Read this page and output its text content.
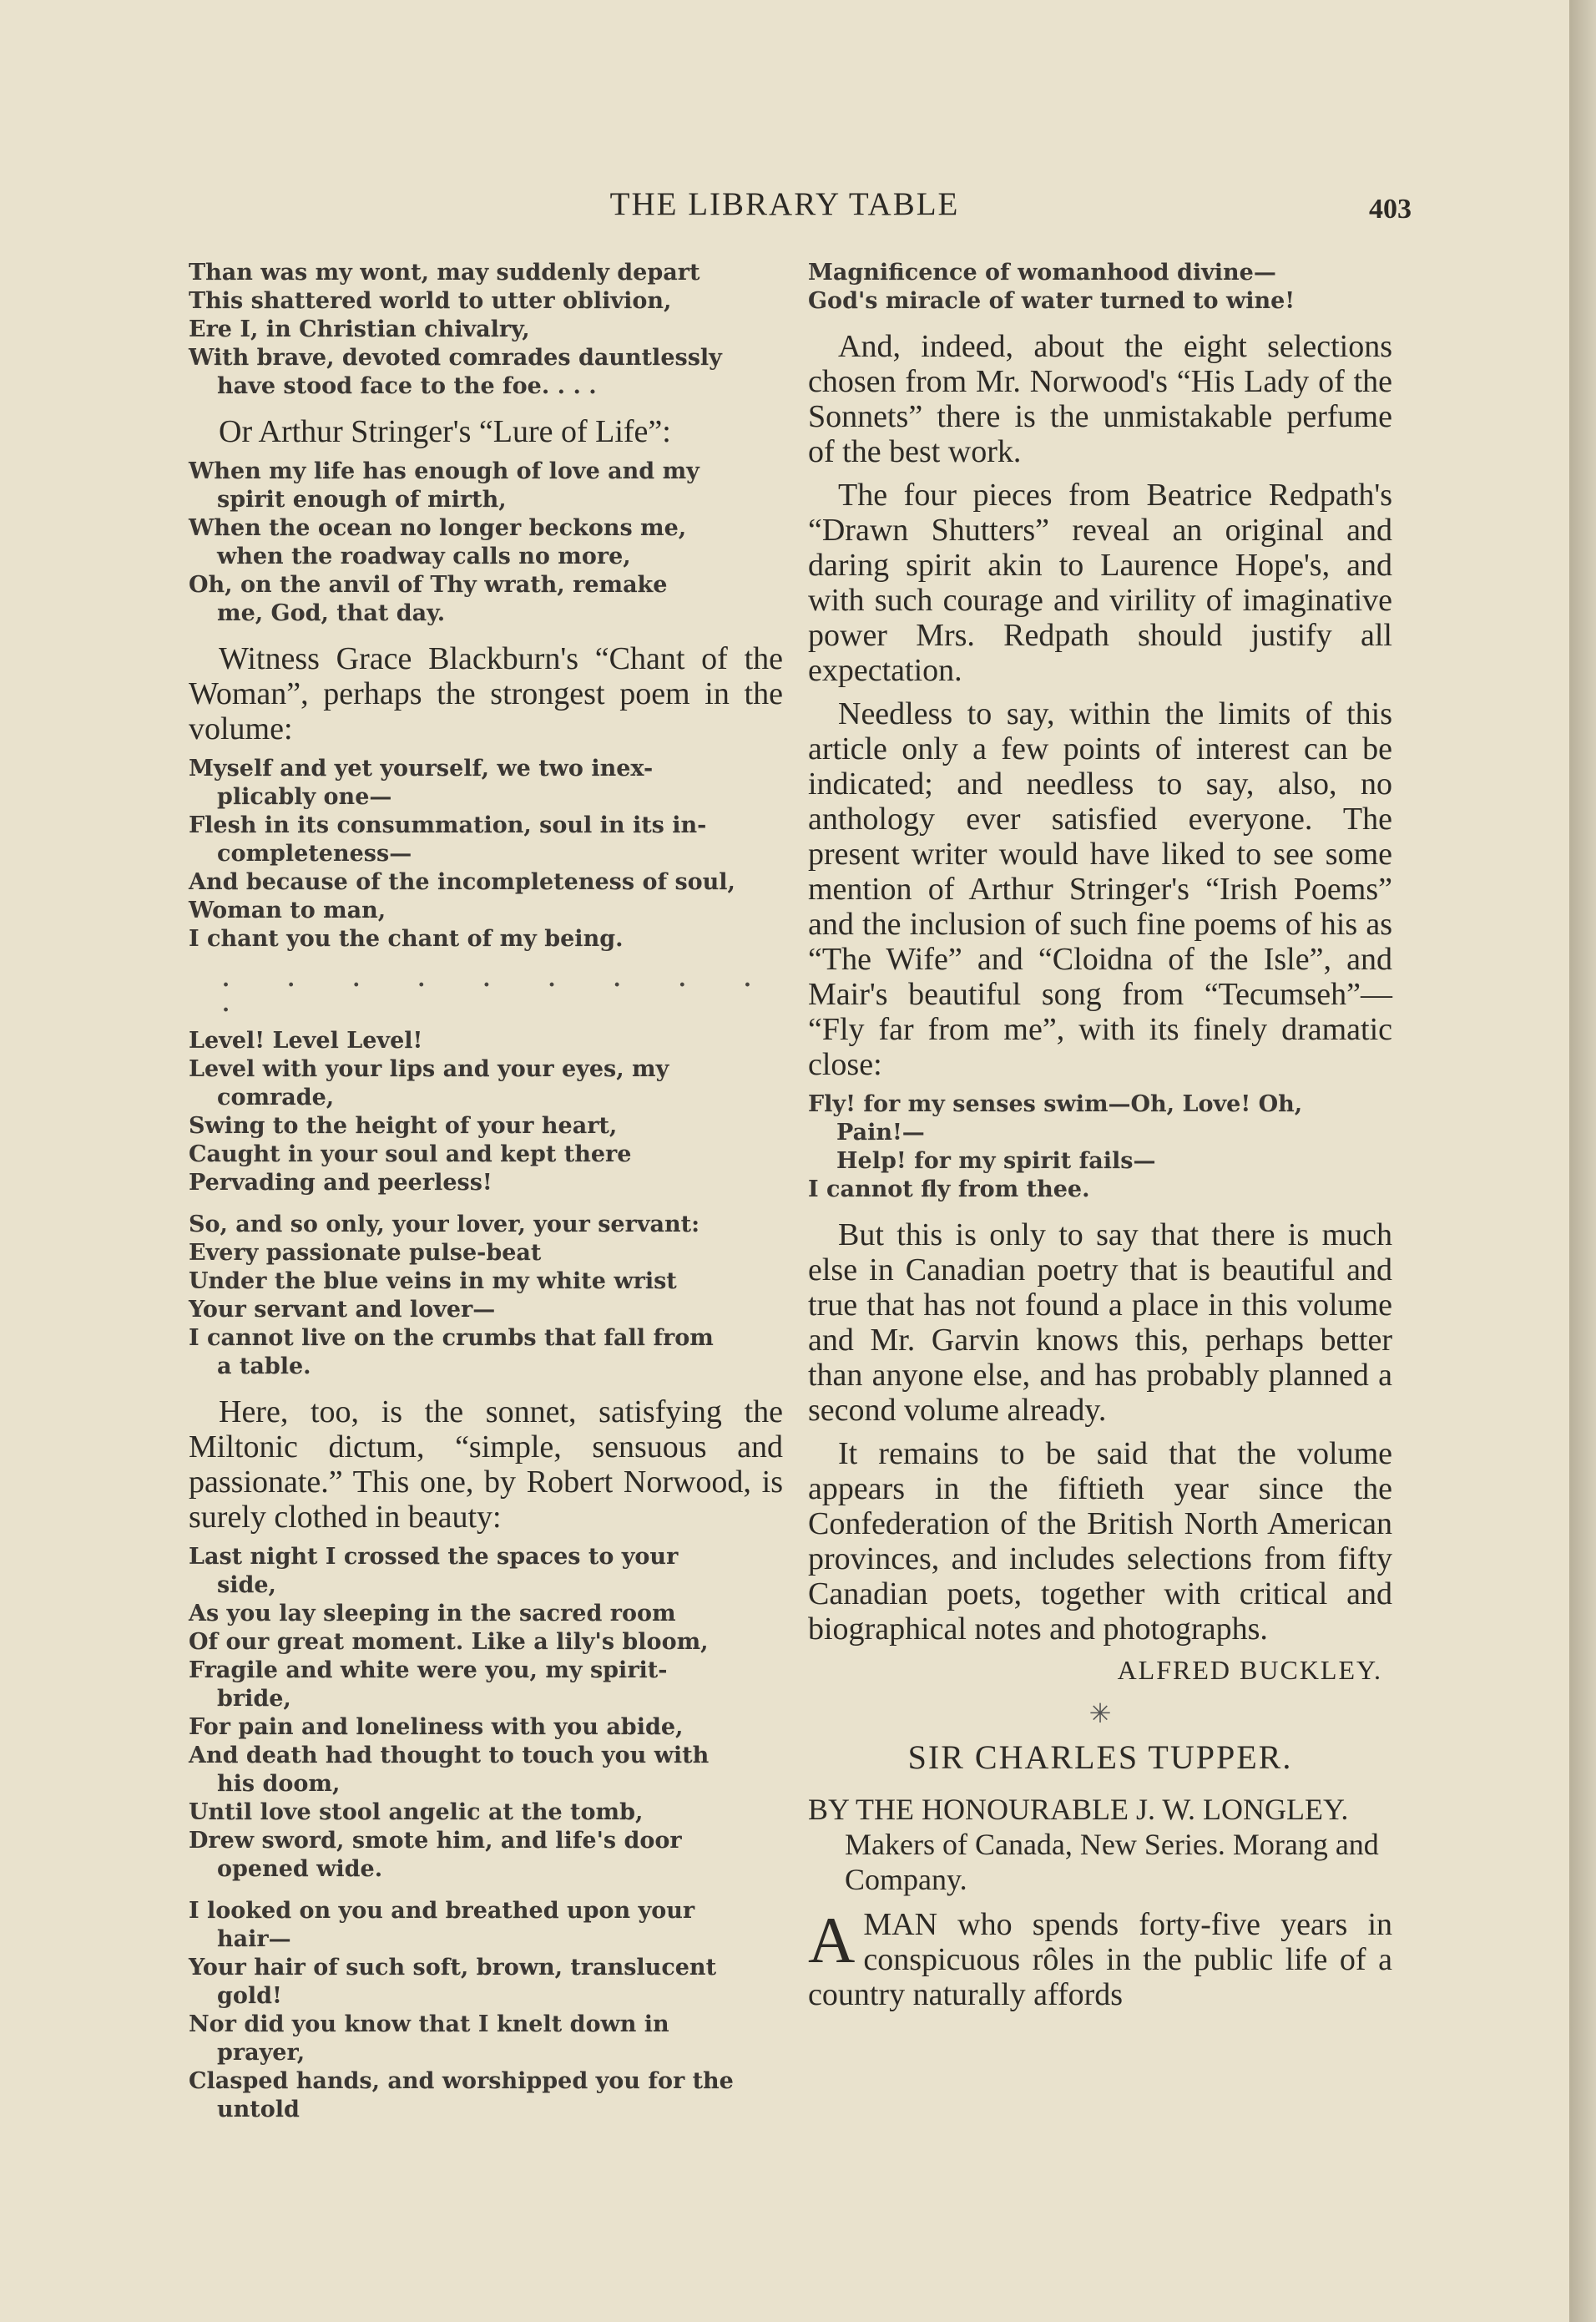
THE LIBRARY TABLE	403
Than was my wont, may suddenly depart
This shattered world to utter oblivion,
Ere I, in Christian chivalry,
With brave, devoted comrades dauntlessly
have stood face to the foe. . . .

Or Arthur Stringer's “Lure of Life”:

When my life has enough of love and my
spirit enough of mirth,
When the ocean no longer beckons me,
when the roadway calls no more,
Oh, on the anvil of Thy wrath, remake
me, God, that day.

Witness Grace Blackburn's “Chant of the Woman”, perhaps the strongest poem in the volume:

Myself and yet yourself, we two inex-
plicably one—
Flesh in its consummation, soul in its in-
completeness—
And because of the incompleteness of soul,
Woman to man,
I chant you the chant of my being.
. . . . . . . . . .
Level! Level Level!
Level with your lips and your eyes, my
comrade,
Swing to the height of your heart,
Caught in your soul and kept there
Pervading and peerless!
So, and so only, your lover, your servant:
Every passionate pulse-beat
Under the blue veins in my white wrist
Your servant and lover—
I cannot live on the crumbs that fall from
a table.

Here, too, is the sonnet, satisfying the Miltonic dictum, “simple, sensuous and passionate.” This one, by Robert Norwood, is surely clothed in beauty:

Last night I crossed the spaces to your
side,
As you lay sleeping in the sacred room
Of our great moment. Like a lily's bloom,
Fragile and white were you, my spirit-
bride,
For pain and loneliness with you abide,
And death had thought to touch you with
his doom,
Until love stool angelic at the tomb,
Drew sword, smote him, and life's door
opened wide.
I looked on you and breathed upon your
hair—
Your hair of such soft, brown, translucent
gold!
Nor did you know that I knelt down in
prayer,
Clasped hands, and worshipped you for the
untold
Magnificence of womanhood divine—
God's miracle of water turned to wine!

And, indeed, about the eight selections chosen from Mr. Norwood's “His Lady of the Sonnets” there is the unmistakable perfume of the best work.

The four pieces from Beatrice Redpath's “Drawn Shutters” reveal an original and daring spirit akin to Laurence Hope's, and with such courage and virility of imaginative power Mrs. Redpath should justify all expectation.

Needless to say, within the limits of this article only a few points of interest can be indicated; and needless to say, also, no anthology ever satisfied everyone. The present writer would have liked to see some mention of Arthur Stringer's “Irish Poems” and the inclusion of such fine poems of his as “The Wife” and “Cloidna of the Isle”, and Mair's beautiful song from “Tecumseh”— “Fly far from me”, with its finely dramatic close:

Fly! for my senses swim—Oh, Love! Oh,
Pain!—
Help! for my spirit fails—
I cannot fly from thee.

But this is only to say that there is much else in Canadian poetry that is beautiful and true that has not found a place in this volume and Mr. Garvin knows this, perhaps better than anyone else, and has probably planned a second volume already.

It remains to be said that the volume appears in the fiftieth year since the Confederation of the British North American provinces, and includes selections from fifty Canadian poets, together with critical and biographical notes and photographs.

ALFRED BUCKLEY.
✳
SIR CHARLES TUPPER.
BY THE HONOURABLE J. W. LONGLEY.
Makers of Canada, New Series. Morang and Company.
A MAN who spends forty-five years in conspicuous rôles in the public life of a country naturally affords
